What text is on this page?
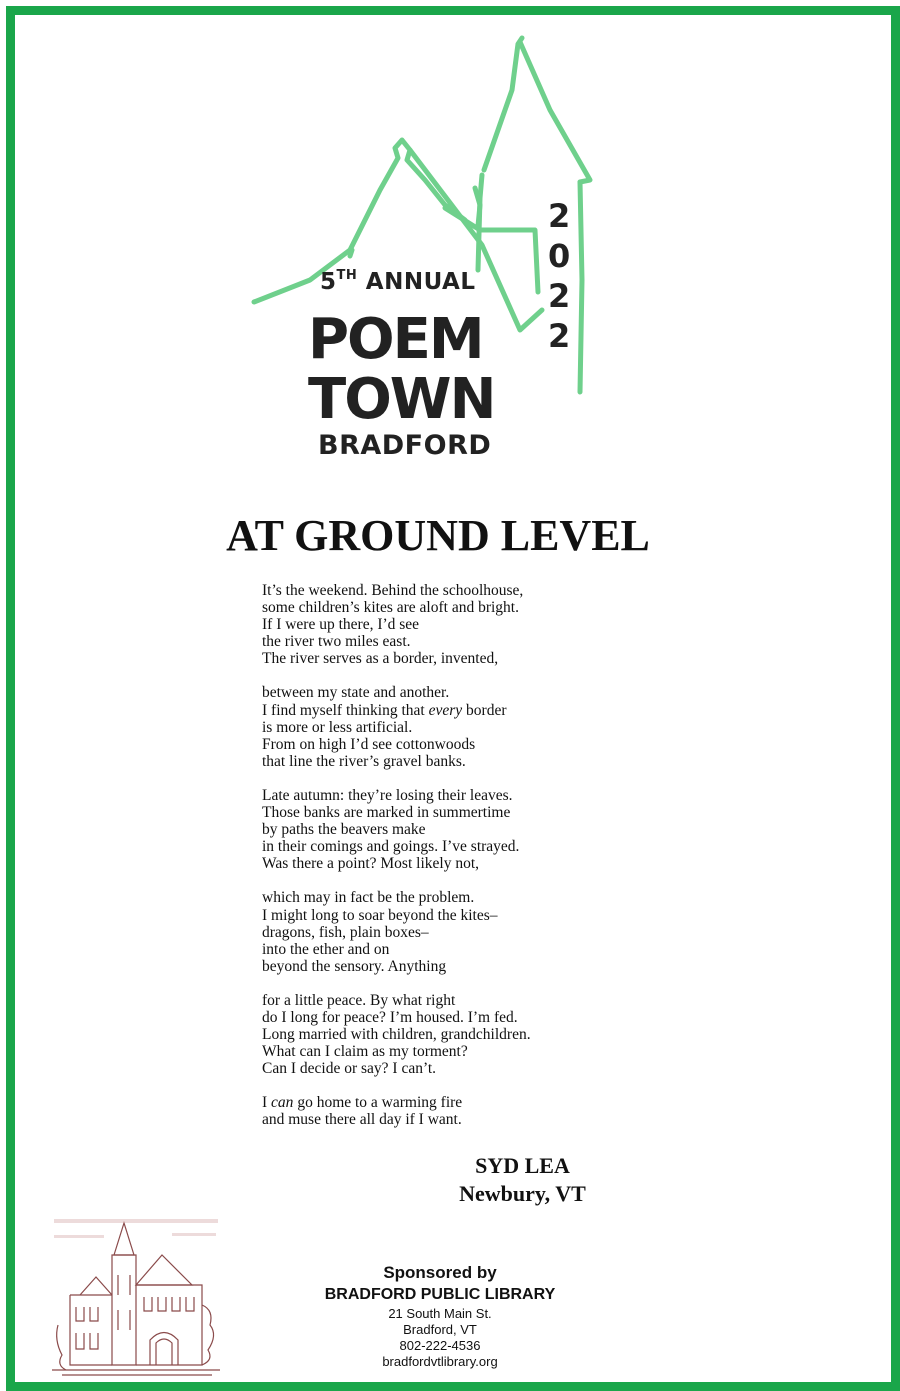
5TH ANNUAL
POEM
TOWN
BRADFORD
2
0
2
2
AT GROUND LEVEL
It’s the weekend. Behind the schoolhouse,
some children’s kites are aloft and bright.
If I were up there, I’d see
the river two miles east.
The river serves as a border, invented,
between my state and another.
I find myself thinking that every border
is more or less artificial.
From on high I’d see cottonwoods
that line the river’s gravel banks.
Late autumn: they’re losing their leaves.
Those banks are marked in summertime
by paths the beavers make
in their comings and goings. I’ve strayed.
Was there a point? Most likely not,
which may in fact be the problem.
I might long to soar beyond the kites–
dragons, fish, plain boxes–
into the ether and on
beyond the sensory. Anything
for a little peace. By what right
do I long for peace? I’m housed. I’m fed.
Long married with children, grandchildren.
What can I claim as my torment?
Can I decide or say? I can’t.
I can go home to a warming fire
and muse there all day if I want.
SYD LEA
Newbury, VT
Sponsored by
BRADFORD PUBLIC LIBRARY
21 South Main St.
Bradford, VT
802-222-4536
bradfordvtlibrary.org
